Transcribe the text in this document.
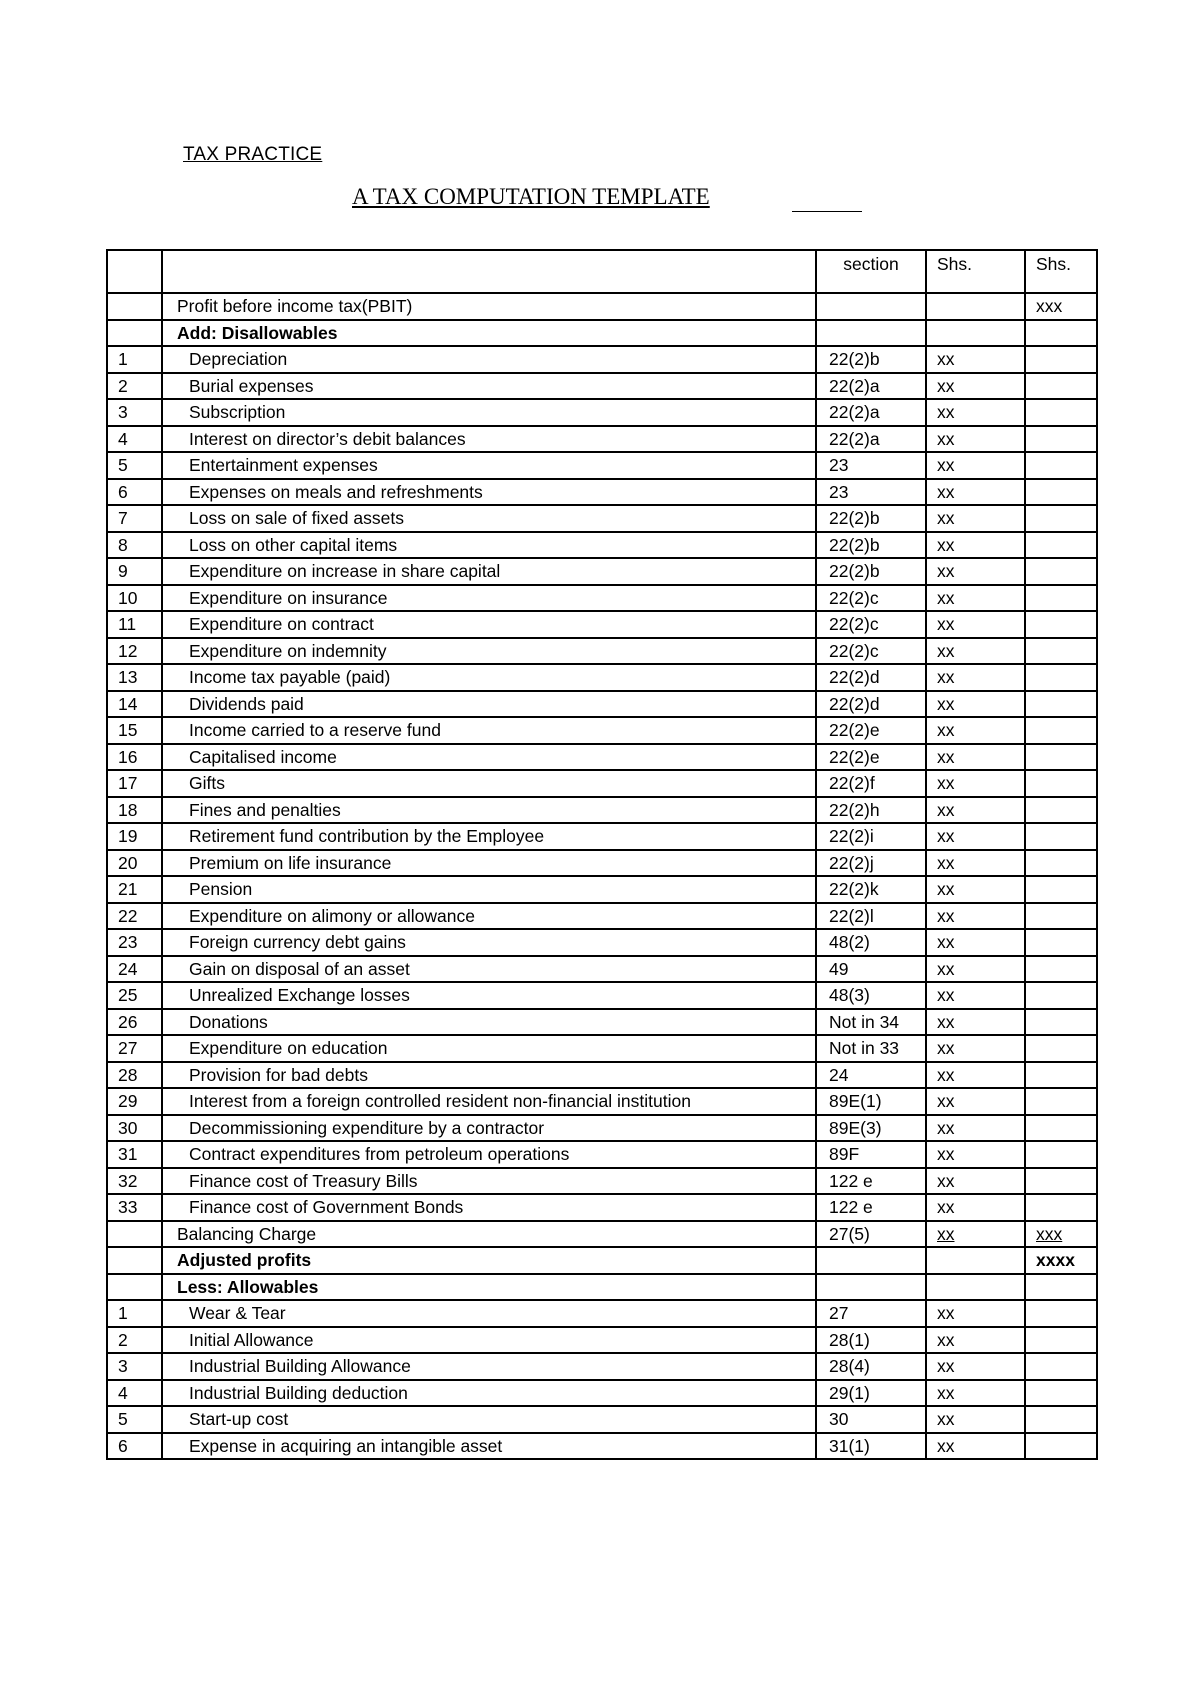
TAX PRACTICE
A TAX COMPUTATION TEMPLATE
		section	Shs.	Shs.
	Profit before income tax(PBIT)			xxx
	Add: Disallowables			
1	Depreciation	22(2)b	xx	
2	Burial expenses	22(2)a	xx	
3	Subscription	22(2)a	xx	
4	Interest on director’s debit balances	22(2)a	xx	
5	Entertainment expenses	23	xx	
6	Expenses on meals and refreshments	23	xx	
7	Loss on sale of fixed assets	22(2)b	xx	
8	Loss on other capital items	22(2)b	xx	
9	Expenditure on increase in share capital	22(2)b	xx	
10	Expenditure on insurance	22(2)c	xx	
11	Expenditure on contract	22(2)c	xx	
12	Expenditure on indemnity	22(2)c	xx	
13	Income tax payable (paid)	22(2)d	xx	
14	Dividends paid	22(2)d	xx	
15	Income carried to a reserve fund	22(2)e	xx	
16	Capitalised income	22(2)e	xx	
17	Gifts	22(2)f	xx	
18	Fines and penalties	22(2)h	xx	
19	Retirement fund contribution by the Employee	22(2)i	xx	
20	Premium on life insurance	22(2)j	xx	
21	Pension	22(2)k	xx	
22	Expenditure on alimony or allowance	22(2)l	xx	
23	Foreign currency debt gains	48(2)	xx	
24	Gain on disposal of an asset	49	xx	
25	Unrealized Exchange losses	48(3)	xx	
26	Donations	Not in 34	xx	
27	Expenditure on education	Not in 33	xx	
28	Provision for bad debts	24	xx	
29	Interest from a foreign controlled resident non-financial institution	89E(1)	xx	
30	Decommissioning expenditure by a contractor	89E(3)	xx	
31	Contract expenditures from petroleum operations	89F	xx	
32	Finance cost of Treasury Bills	122 e	xx	
33	Finance cost of Government Bonds	122 e	xx	
	Balancing Charge	27(5)	xx	xxx
	Adjusted profits			xxxx
	Less: Allowables			
1	Wear & Tear	27	xx	
2	Initial Allowance	28(1)	xx	
3	Industrial Building Allowance	28(4)	xx	
4	Industrial Building deduction	29(1)	xx	
5	Start-up cost	30	xx	
6	Expense in acquiring an intangible asset	31(1)	xx	
